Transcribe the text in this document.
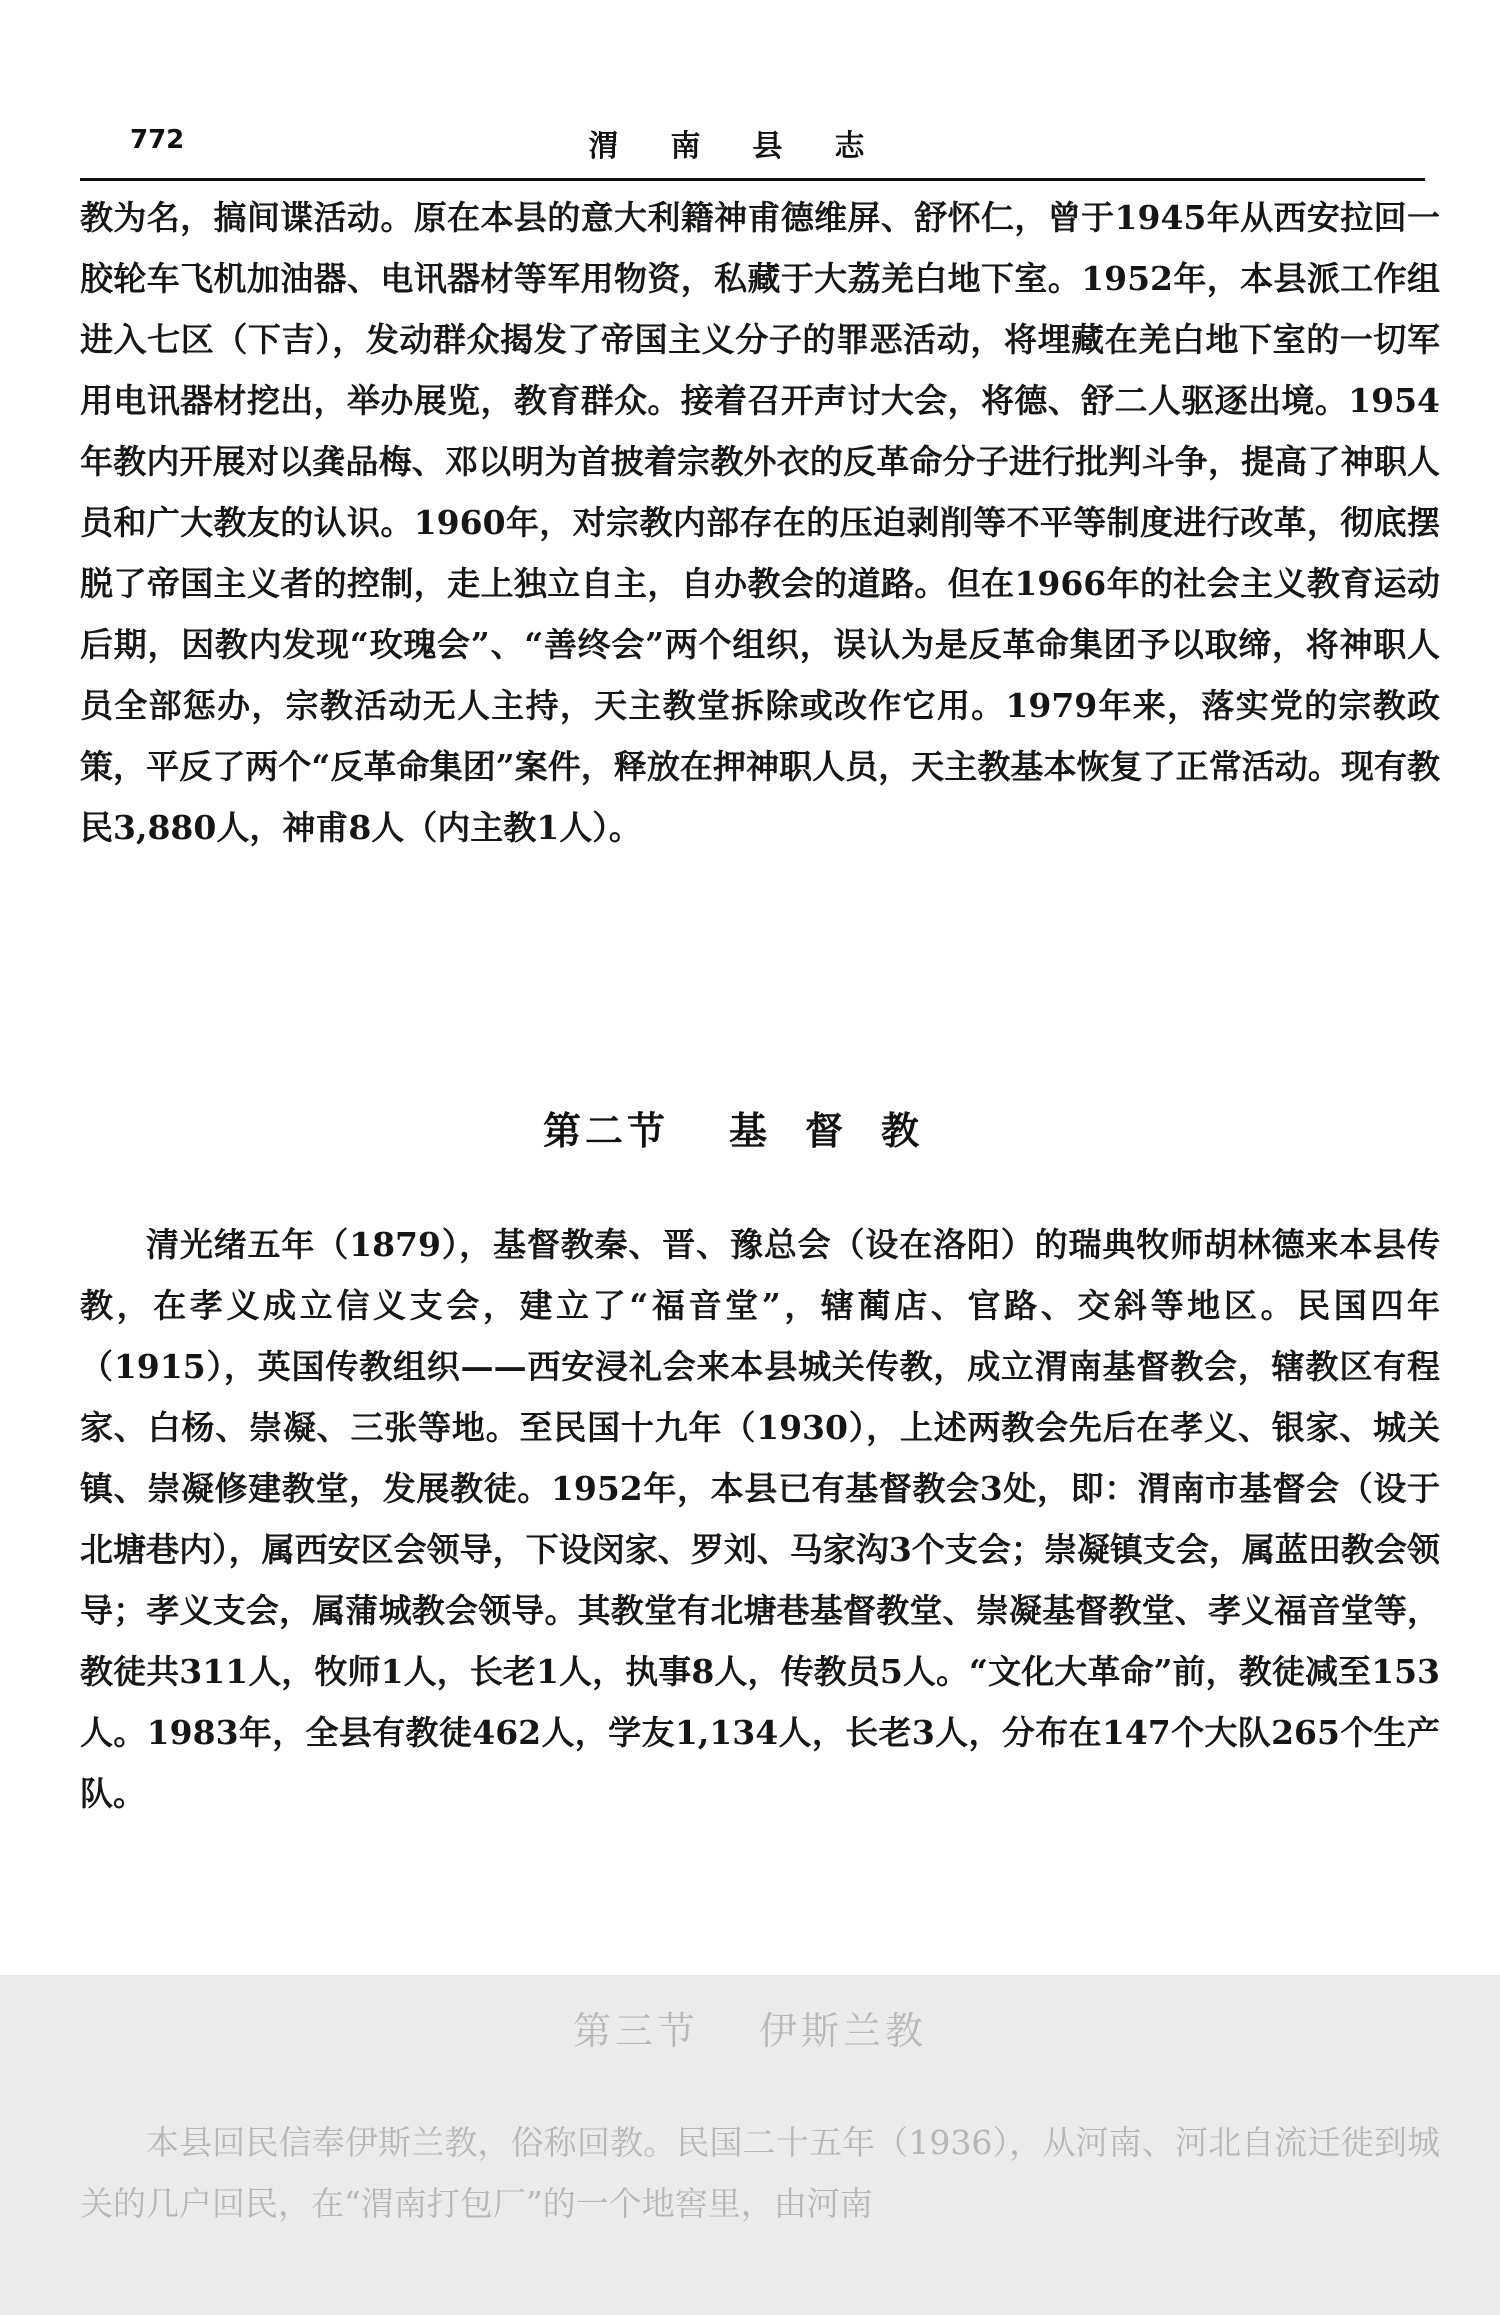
772	渭南县志

教为名，搞间谍活动。原在本县的意大利籍神甫德维屏、舒怀仁，曾于1945年从西安拉回一胶轮车飞机加油器、电讯器材等军用物资，私藏于大荔羌白地下室。1952年，本县派工作组进入七区（下吉），发动群众揭发了帝国主义分子的罪恶活动，将埋藏在羌白地下室的一切军用电讯器材挖出，举办展览，教育群众。接着召开声讨大会，将德、舒二人驱逐出境。1954年教内开展对以龚品梅、邓以明为首披着宗教外衣的反革命分子进行批判斗争，提高了神职人员和广大教友的认识。1960年，对宗教内部存在的压迫剥削等不平等制度进行改革，彻底摆脱了帝国主义者的控制，走上独立自主，自办教会的道路。但在1966年的社会主义教育运动后期，因教内发现“玫瑰会”、“善终会”两个组织，误认为是反革命集团予以取缔，将神职人员全部惩办，宗教活动无人主持，天主教堂拆除或改作它用。1979年来，落实党的宗教政策，平反了两个“反革命集团”案件，释放在押神职人员，天主教基本恢复了正常活动。现有教民3,880人，神甫8人（内主教1人）。

第二节 基督教

清光绪五年（1879），基督教秦、晋、豫总会（设在洛阳）的瑞典牧师胡林德来本县传教，在孝义成立信义支会，建立了“福音堂”，辖蔺店、官路、交斜等地区。民国四年（1915），英国传教组织——西安浸礼会来本县城关传教，成立渭南基督教会，辖教区有程家、白杨、崇凝、三张等地。至民国十九年（1930），上述两教会先后在孝义、银家、城关镇、崇凝修建教堂，发展教徒。1952年，本县已有基督教会3处，即：渭南市基督会（设于北塘巷内），属西安区会领导，下设闵家、罗刘、马家沟3个支会；崇凝镇支会，属蓝田教会领导；孝义支会，属蒲城教会领导。其教堂有北塘巷基督教堂、崇凝基督教堂、孝义福音堂等，教徒共311人，牧师1人，长老1人，执事8人，传教员5人。“文化大革命”前，教徒减至153人。1983年，全县有教徒462人，学友1,134人，长老3人，分布在147个大队265个生产队。

第三节 伊斯兰教

本县回民信奉伊斯兰教，俗称回教。民国二十五年（1936），从河南、河北自流迁徙到城关的几户回民，在“渭南打包厂”的一个地窖里，由河南
